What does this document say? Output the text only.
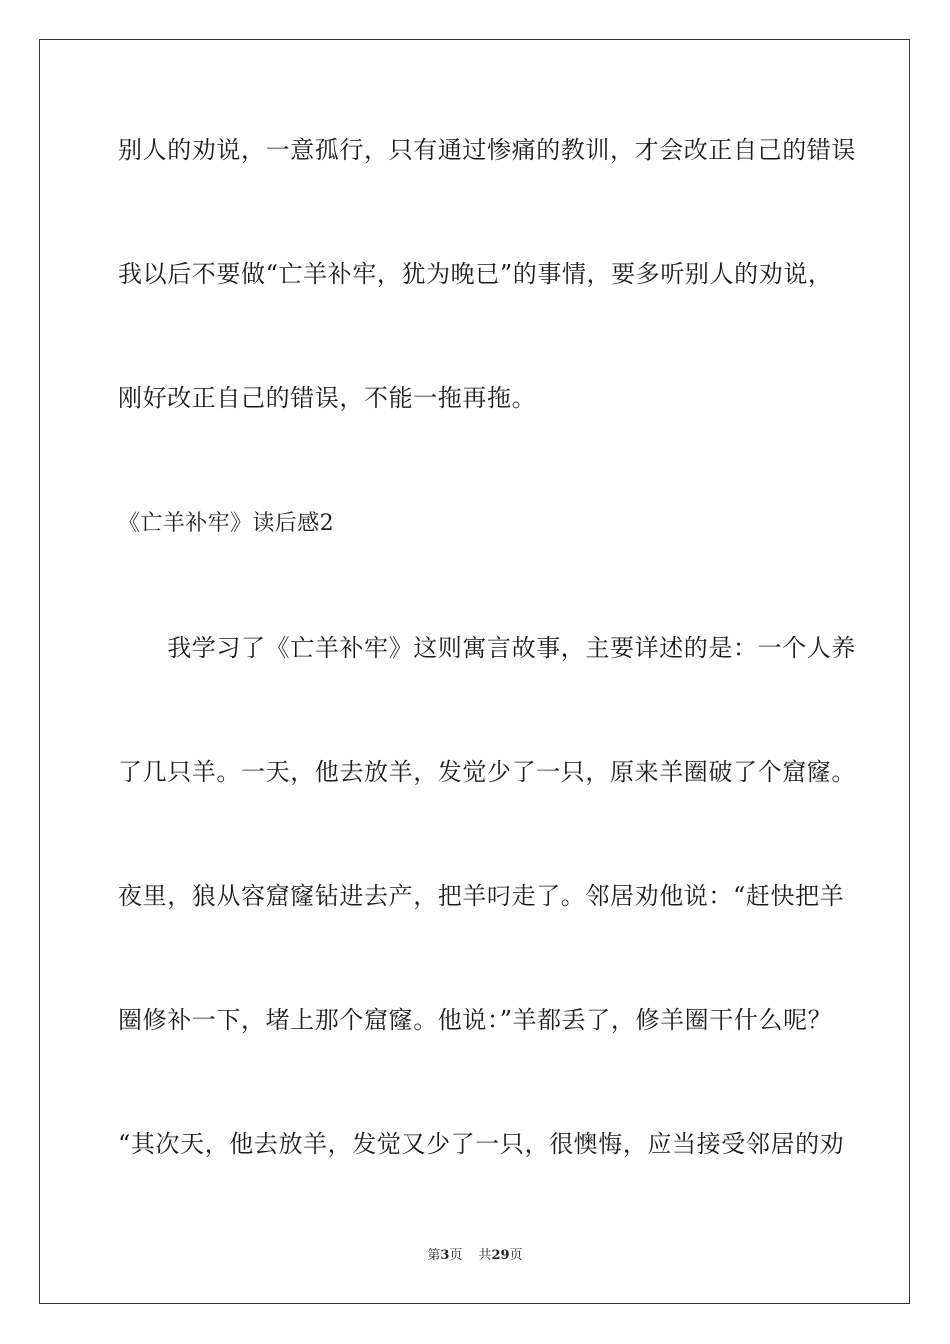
别人的劝说，一意孤行，只有通过惨痛的教训，才会改正自己的错误
我以后不要做“亡羊补牢，犹为晚已”的事情，要多听别人的劝说，
刚好改正自己的错误，不能一拖再拖。
《亡羊补牢》读后感2
　　我学习了《亡羊补牢》这则寓言故事，主要详述的是：一个人养
了几只羊。一天，他去放羊，发觉少了一只，原来羊圈破了个窟窿。
夜里，狼从容窟窿钻进去产，把羊叼走了。邻居劝他说：“赶快把羊
圈修补一下，堵上那个窟窿。他说：”羊都丢了，修羊圈干什么呢？
“其次天，他去放羊，发觉又少了一只，很懊悔，应当接受邻居的劝
第3页 共29页
